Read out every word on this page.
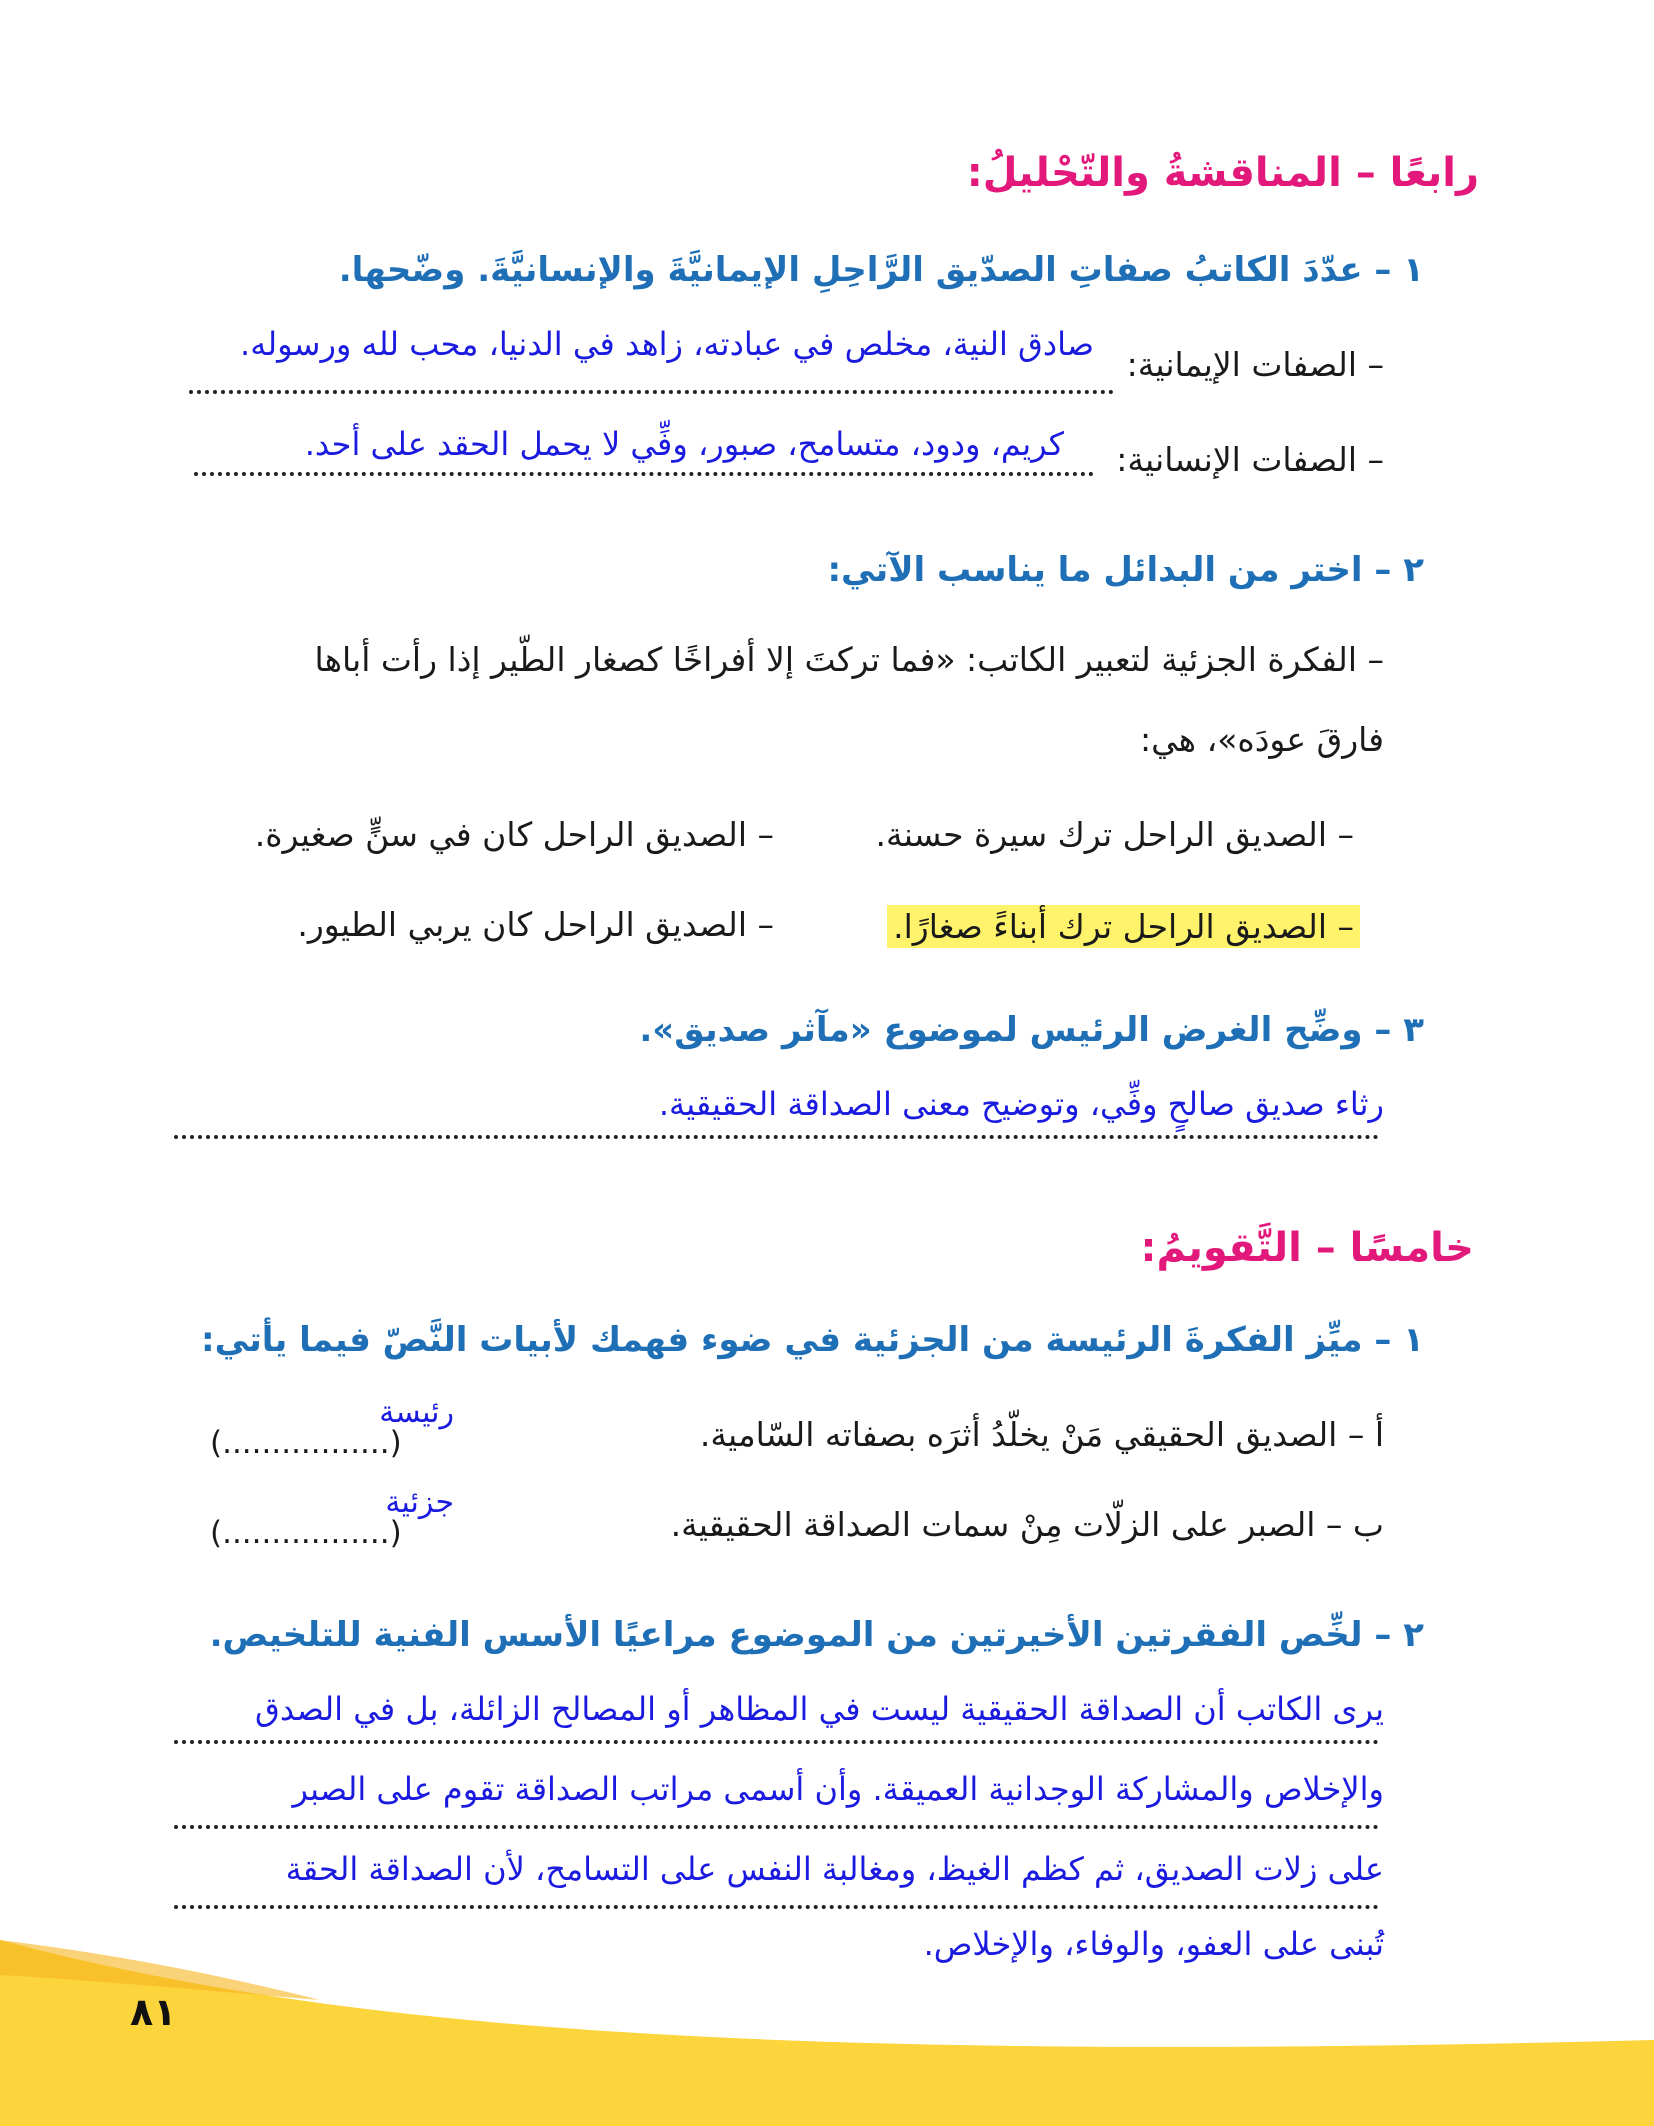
رابعًا – المناقشةُ والتّحْليلُ:
١ – عدّدَ الكاتبُ صفاتِ الصدّيق الرَّاحِلِ الإيمانيَّةَ والإنسانيَّةَ. وضّحها.
صادق النية، مخلص في عبادته، زاهد في الدنيا، محب لله ورسوله.
– الصفات الإيمانية:
كريم، ودود، متسامح، صبور، وفِّي لا يحمل الحقد على أحد. – الصفات الإنسانية:
٢ – اختر من البدائل ما يناسب الآتي:
– الفكرة الجزئية لتعبير الكاتب: «فما تركتَ إلا أفراخًا كصغار الطّير إذا رأت أباها
فارقَ عودَه»، هي:
– الصديق الراحل ترك سيرة حسنة.
– الصديق الراحل كان في سنٍّ صغيرة.
– الصديق الراحل ترك أبناءً صغارًا.
– الصديق الراحل كان يربي الطيور.
٣ – وضِّح الغرض الرئيس لموضوع «مآثر صديق».
رثاء صديق صالحٍ وفِّي، وتوضيح معنى الصداقة الحقيقية.
خامسًا – التَّقويمُ:
١ – ميِّز الفكرةَ الرئيسة من الجزئية في ضوء فهمك لأبيات النَّصّ فيما يأتي:
أ – الصديق الحقيقي مَنْ يخلّدُ أثرَه بصفاته السّامية.
رئيسة
(.................)
ب – الصبر على الزلّات مِنْ سمات الصداقة الحقيقية.
جزئية
(.................)
٢ – لخِّص الفقرتين الأخيرتين من الموضوع مراعيًا الأسس الفنية للتلخيص.
يرى الكاتب أن الصداقة الحقيقية ليست في المظاهر أو المصالح الزائلة، بل في الصدق
والإخلاص والمشاركة الوجدانية العميقة. وأن أسمى مراتب الصداقة تقوم على الصبر
على زلات الصديق، ثم كظم الغيظ، ومغالبة النفس على التسامح، لأن الصداقة الحقة
تُبنى على العفو، والوفاء، والإخلاص.
٨١
